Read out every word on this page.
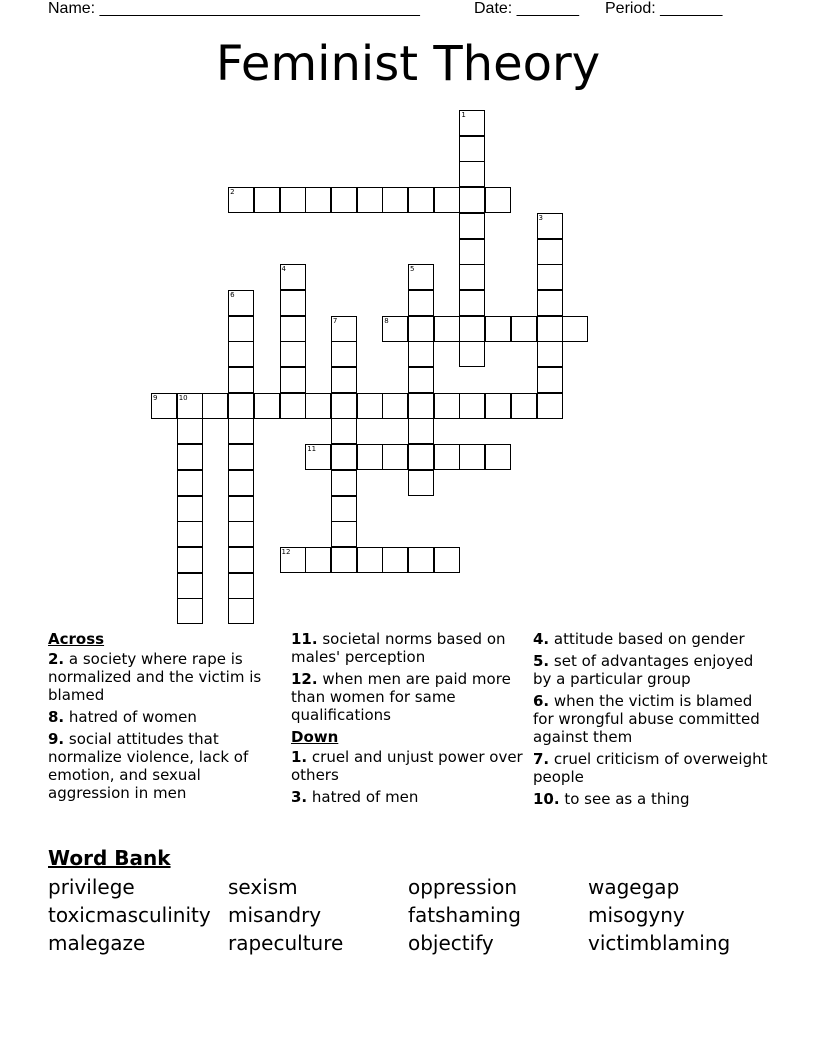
Name: ____________________________________	Date: _______ Period: _______
Feminist Theory
1
2
3
4	5
6
7	8
9	10
11
12
Across
2. a society where rape is normalized and the victim is blamed
8. hatred of women
9. social attitudes that normalize violence, lack of emotion, and sexual aggression in men
11. societal norms based on males' perception
12. when men are paid more than women for same qualifications
Down
1. cruel and unjust power over others
3. hatred of men
4. attitude based on gender
5. set of advantages enjoyed by a particular group
6. when the victim is blamed for wrongful abuse committed against them
7. cruel criticism of overweight people
10. to see as a thing
Word Bank
privilege	sexism	oppression	wagegap
toxicmasculinity misandry	fatshaming	misogyny
malegaze	rapeculture	objectify	victimblaming
